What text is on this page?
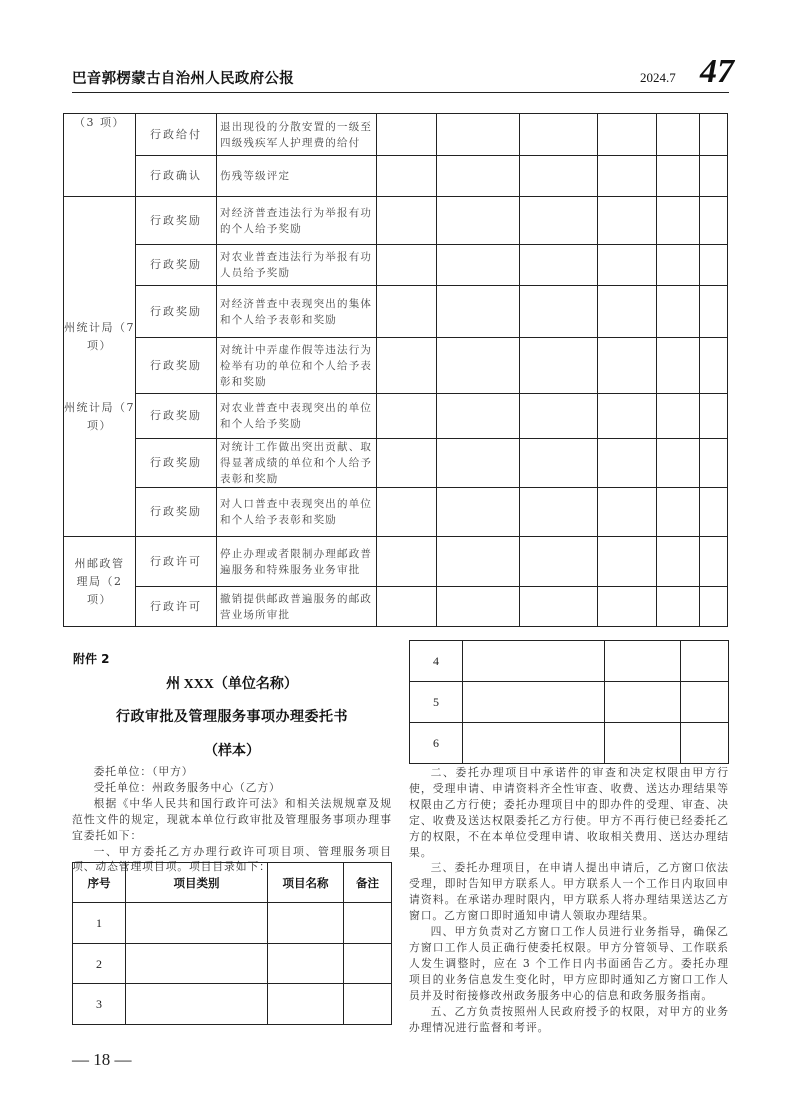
巴音郭楞蒙古自治州人民政府公报	2024.7 47
（3 项）	行政给付	退出现役的分散安置的一级至四级残疾军人护理费的给付						
	行政确认	伤残等级评定						

州统计局（7 项）
州统计局（7 项）	行政奖励	对经济普查违法行为举报有功的个人给予奖励						
	行政奖励	对农业普查违法行为举报有功人员给予奖励						
	行政奖励	对经济普查中表现突出的集体和个人给予表彰和奖励						
	行政奖励	对统计中弄虚作假等违法行为检举有功的单位和个人给予表彰和奖励						
	行政奖励	对农业普查中表现突出的单位和个人给予奖励						
	行政奖励	对统计工作做出突出贡献、取得显著成绩的单位和个人给予表彰和奖励						
	行政奖励	对人口普查中表现突出的单位和个人给予表彰和奖励						
州邮政管理局（2 项）	行政许可	停止办理或者限制办理邮政普遍服务和特殊服务业务审批						
	行政许可	撤销提供邮政普遍服务的邮政营业场所审批						
附件 2
州 XXX（单位名称）
行政审批及管理服务事项办理委托书
（样本）
委托单位：（甲方）
受托单位：州政务服务中心（乙方）
根据《中华人民共和国行政许可法》和相关法规规章及规范性文件的规定，现就本单位行政审批及管理服务事项办理事宜委托如下：
一、甲方委托乙方办理行政许可项目项、管理服务项目项、动态管理项目项。项目目录如下：
序号	项目类别	项目名称	备注
1			
2			
3			
4			
5			
6			
二、委托办理项目中承诺件的审查和决定权限由甲方行使，受理申请、申请资料齐全性审查、收费、送达办理结果等权限由乙方行使；委托办理项目中的即办件的受理、审查、决定、收费及送达权限委托乙方行使。甲方不再行使已经委托乙方的权限，不在本单位受理申请、收取相关费用、送达办理结果。
三、委托办理项目，在申请人提出申请后，乙方窗口依法受理，即时告知甲方联系人。甲方联系人一个工作日内取回申请资料。在承诺办理时限内，甲方联系人将办理结果送达乙方窗口。乙方窗口即时通知申请人领取办理结果。
四、甲方负责对乙方窗口工作人员进行业务指导，确保乙方窗口工作人员正确行使委托权限。甲方分管领导、工作联系人发生调整时，应在 3 个工作日内书面函告乙方。委托办理项目的业务信息发生变化时，甲方应即时通知乙方窗口工作人员并及时衔接修改州政务服务中心的信息和政务服务指南。
五、乙方负责按照州人民政府授予的权限，对甲方的业务办理情况进行监督和考评。
— 18 —
